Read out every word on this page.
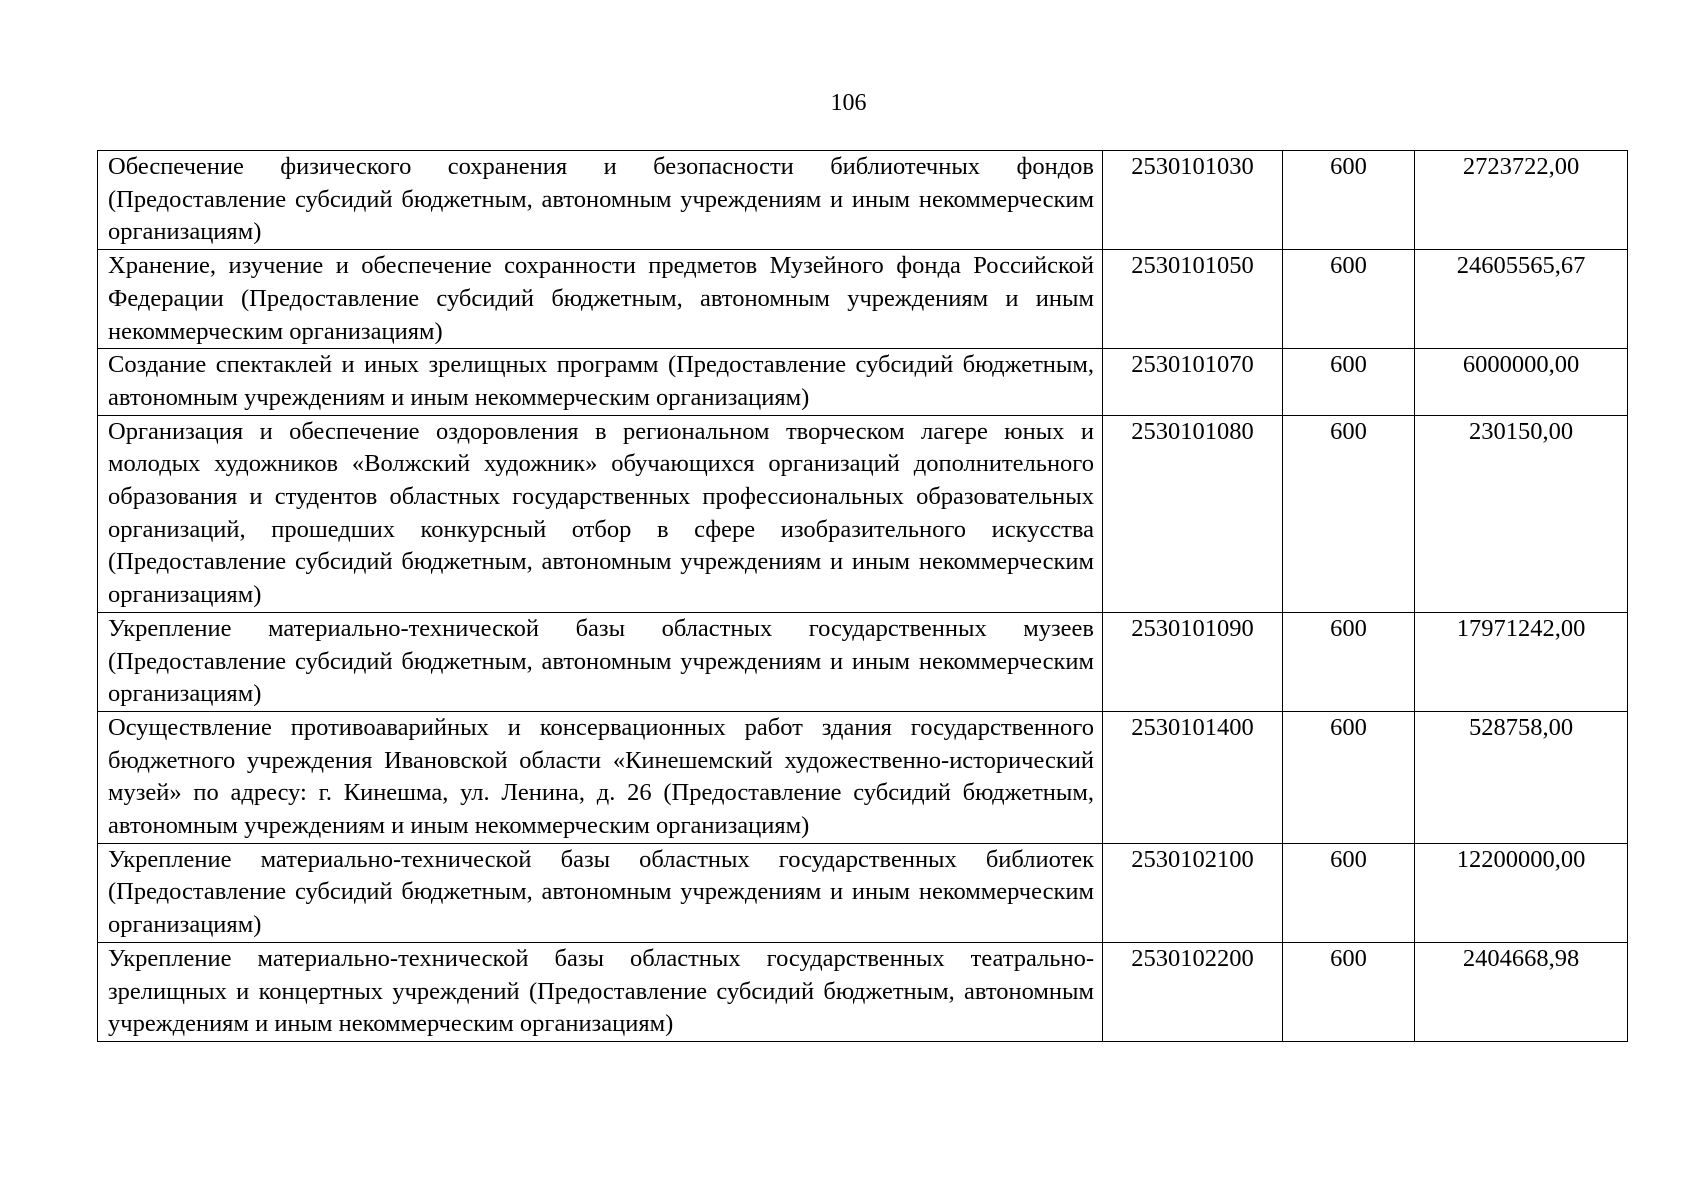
106
Обеспечение физического сохранения и безопасности библиотечных фондов (Предоставление субсидий бюджетным, автономным учреждениям и иным некоммерческим организациям)	2530101030	600	2723722,00
Хранение, изучение и обеспечение сохранности предметов Музейного фонда Российской Федерации (Предоставление субсидий бюджетным, автономным учреждениям и иным некоммерческим организациям)	2530101050	600	24605565,67
Создание спектаклей и иных зрелищных программ (Предоставление субсидий бюджетным, автономным учреждениям и иным некоммерческим организациям)	2530101070	600	6000000,00
Организация и обеспечение оздоровления в региональном творческом лагере юных и молодых художников «Волжский художник» обучающихся организаций дополнительного образования и студентов областных государственных профессиональных образовательных организаций, прошедших конкурсный отбор в сфере изобразительного искусства (Предоставление субсидий бюджетным, автономным учреждениям и иным некоммерческим организациям)	2530101080	600	230150,00
Укрепление материально-технической базы областных государственных музеев (Предоставление субсидий бюджетным, автономным учреждениям и иным некоммерческим организациям)	2530101090	600	17971242,00
Осуществление противоаварийных и консервационных работ здания государственного бюджетного учреждения Ивановской области «Кинешемский художественно-исторический музей» по адресу: г. Кинешма, ул. Ленина, д. 26 (Предоставление субсидий бюджетным, автономным учреждениям и иным некоммерческим организациям)	2530101400	600	528758,00
Укрепление материально-технической базы областных государственных библиотек (Предоставление субсидий бюджетным, автономным учреждениям и иным некоммерческим организациям)	2530102100	600	12200000,00
Укрепление материально-технической базы областных государственных театрально-зрелищных и концертных учреждений (Предоставление субсидий бюджетным, автономным учреждениям и иным некоммерческим организациям)	2530102200	600	2404668,98
